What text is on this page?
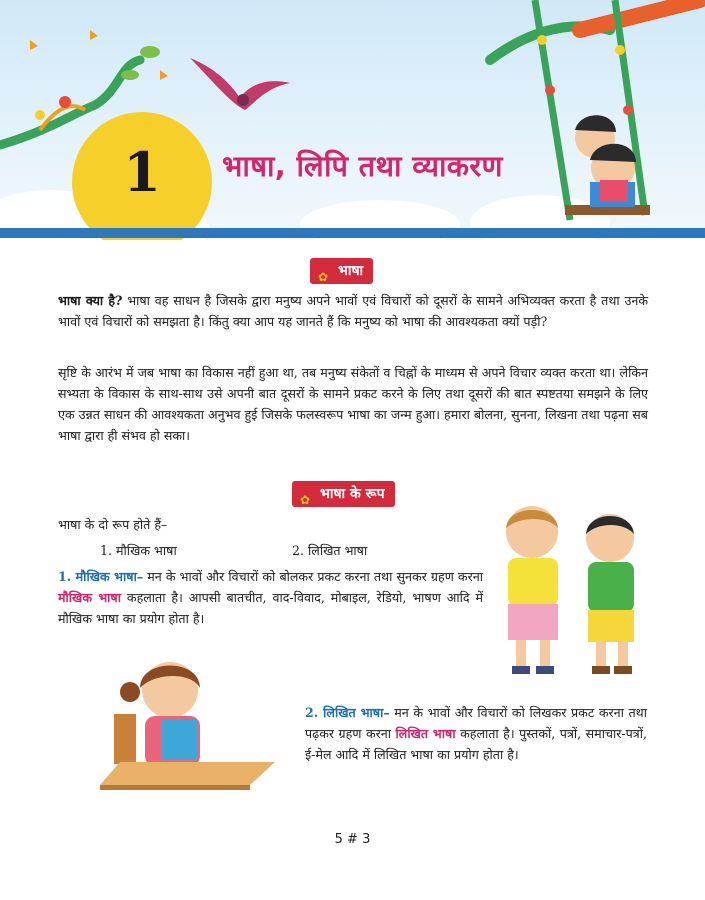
1	भाषा, लिपि तथा व्याकरण
✿ भाषा

भाषा क्या है? भाषा वह साधन है जिसके द्वारा मनुष्य अपने भावों एवं विचारों को दूसरों के सामने अभिव्यक्त करता है तथा उनके भावों एवं विचारों को समझता है। किंतु क्या आप यह जानते हैं कि मनुष्य को भाषा की आवश्यकता क्यों पड़ी?

सृष्टि के आरंभ में जब भाषा का विकास नहीं हुआ था, तब मनुष्य संकेतों व चिह्नों के माध्यम से अपने विचार व्यक्त करता था। लेकिन सभ्यता के विकास के साथ-साथ उसे अपनी बात दूसरों के सामने प्रकट करने के लिए तथा दूसरों की बात स्पष्टतया समझने के लिए एक उन्नत साधन की आवश्यकता अनुभव हुई जिसके फलस्वरूप भाषा का जन्म हुआ। हमारा बोलना, सुनना, लिखना तथा पढ़ना सब भाषा द्वारा ही संभव हो सका।

✿ भाषा के रूप

भाषा के दो रूप होते हैं–

1. मौखिक भाषा	2. लिखित भाषा

1. मौखिक भाषा– मन के भावों और विचारों को बोलकर प्रकट करना तथा सुनकर ग्रहण करना मौखिक भाषा कहलाता है। आपसी बातचीत, वाद-विवाद, मोबाइल, रेडियो, भाषण आदि में मौखिक भाषा का प्रयोग होता है।

2. लिखित भाषा– मन के भावों और विचारों को लिखकर प्रकट करना तथा पढ़कर ग्रहण करना लिखित भाषा कहलाता है। पुस्तकों, पत्रों, समाचार-पत्रों, ई-मेल आदि में लिखित भाषा का प्रयोग होता है।

5 # 3
